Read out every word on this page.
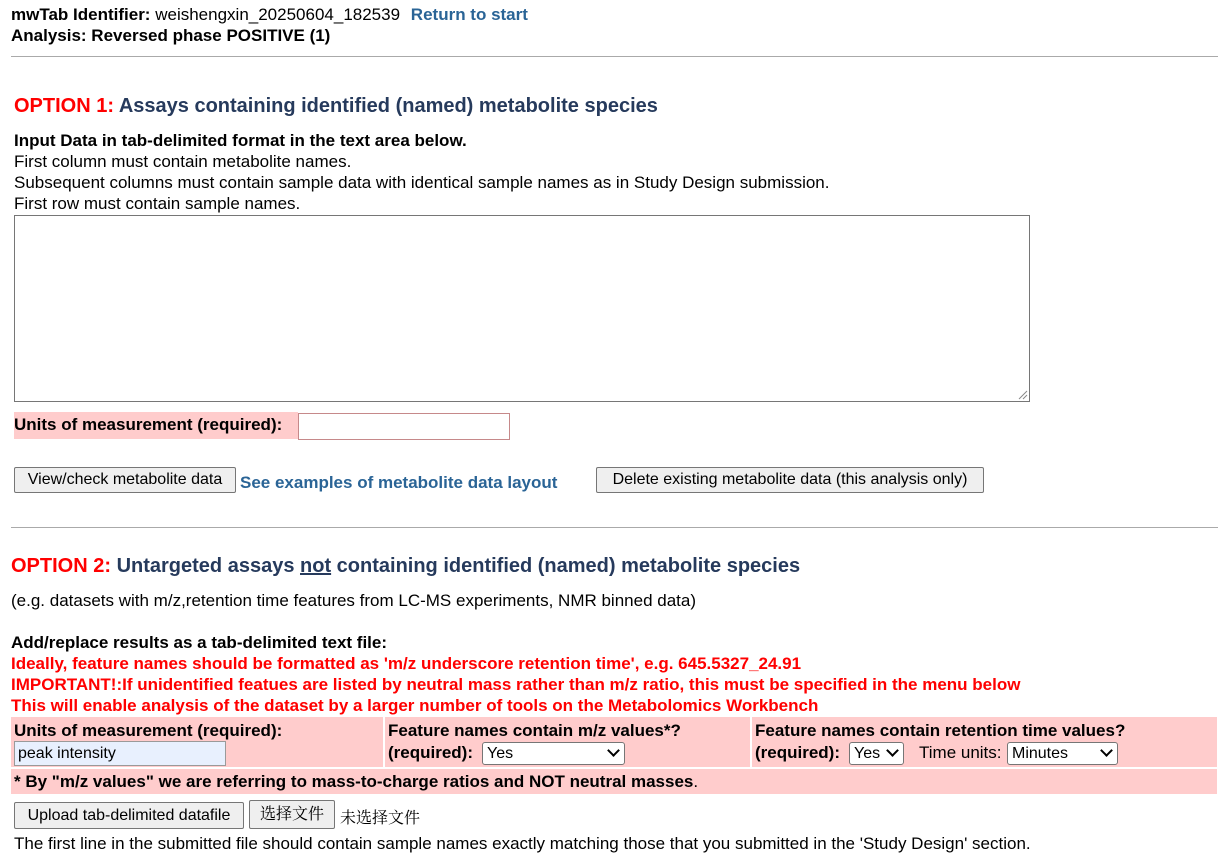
mwTab Identifier: weishengxin_20250604_182539 Return to start
Analysis: Reversed phase POSITIVE (1)
OPTION 1: Assays containing identified (named) metabolite species
Input Data in tab-delimited format in the text area below.
First column must contain metabolite names.
Subsequent columns must contain sample data with identical sample names as in Study Design submission.
First row must contain sample names.
Units of measurement (required):
View/check metabolite data	See examples of metabolite data layout	Delete existing metabolite data (this analysis only)
OPTION 2: Untargeted assays not containing identified (named) metabolite species
(e.g. datasets with m/z,retention time features from LC-MS experiments, NMR binned data)
Add/replace results as a tab-delimited text file:
Ideally, feature names should be formatted as 'm/z underscore retention time', e.g. 645.5327_24.91
IMPORTANT!:If unidentified featues are listed by neutral mass rather than m/z ratio, this must be specified in the menu below
This will enable analysis of the dataset by a larger number of tools on the Metabolomics Workbench
Units of measurement (required):
peak intensity
Feature names contain m/z values*?
(required): Yes
Feature names contain retention time values?
(required): Yes	Time units: Minutes
* By "m/z values" we are referring to mass-to-charge ratios and NOT neutral masses.
Upload tab-delimited datafile	选择文件	未选择文件
The first line in the submitted file should contain sample names exactly matching those that you submitted in the 'Study Design' section.
